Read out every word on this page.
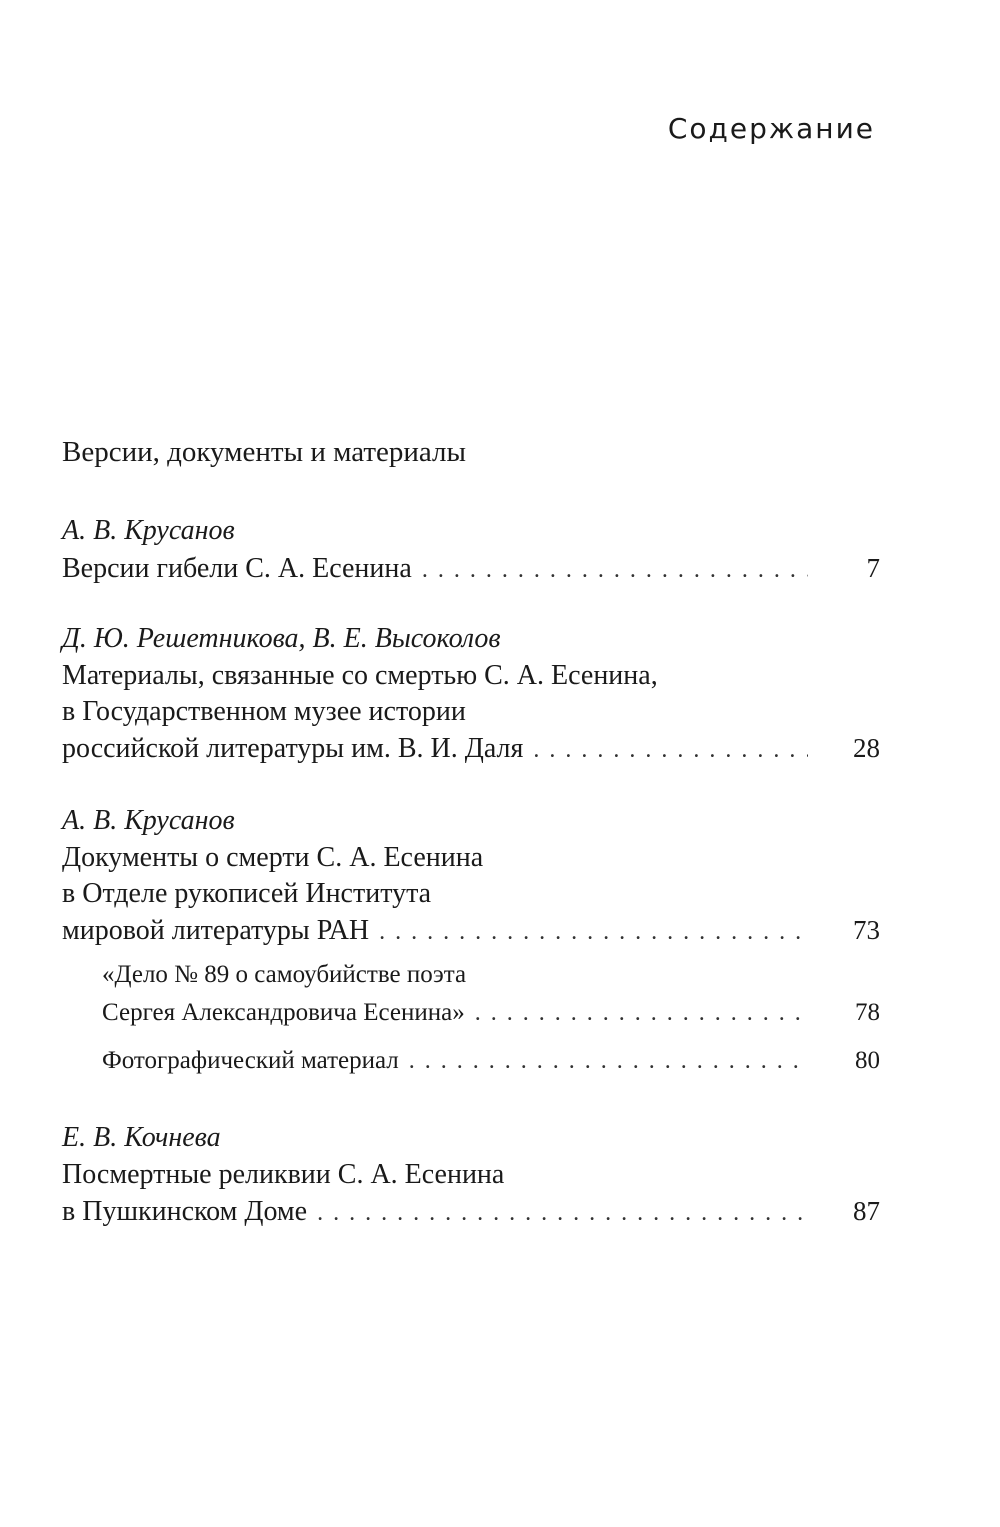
Содержание
Версии, документы и материалы
А. В. Крусанов
Версии гибели С. А. Есенина . . .	7
Д. Ю. Решетникова, В. Е. Высоколов
Материалы, связанные со смертью С. А. Есенина,
в Государственном музее истории
российской литературы им. В. И. Даля . . .	28
А. В. Крусанов
Документы о смерти С. А. Есенина
в Отделе рукописей Института
мировой литературы РАН . . .	73
«Дело № 89 о самоубийстве поэта
Сергея Александровича Есенина» . . .	78
Фотографический материал . . .	80
Е. В. Кочнева
Посмертные реликвии С. А. Есенина
в Пушкинском Доме . . .	87
